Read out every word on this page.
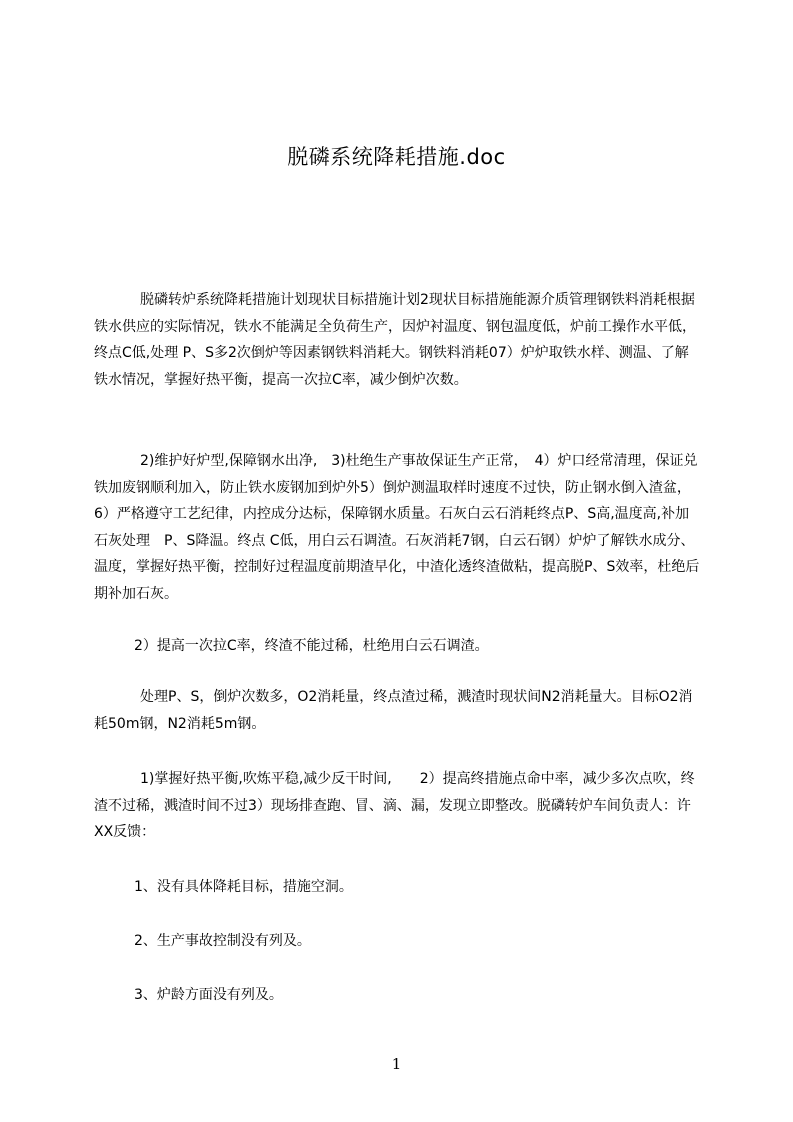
脱磷系统降耗措施.doc

脱磷转炉系统降耗措施计划现状目标措施计划2现状目标措施能源介质管理钢铁料消耗根据铁水供应的实际情况，铁水不能满足全负荷生产，因炉衬温度、钢包温度低，炉前工操作水平低，终点C低,处理 P、S多2次倒炉等因素钢铁料消耗大。钢铁料消耗07）炉炉取铁水样、测温、了解铁水情况，掌握好热平衡，提高一次拉C率，减少倒炉次数。

2)维护好炉型,保障钢水出净,　3)杜绝生产事故保证生产正常，　4）炉口经常清理，保证兑铁加废钢顺利加入，防止铁水废钢加到炉外5）倒炉测温取样时速度不过快，防止钢水倒入渣盆，6）严格遵守工艺纪律，内控成分达标，保障钢水质量。石灰白云石消耗终点P、S高,温度高,补加石灰处理　P、S降温。终点 C低，用白云石调渣。石灰消耗7钢，白云石钢）炉炉了解铁水成分、温度，掌握好热平衡，控制好过程温度前期渣早化，中渣化透终渣做粘，提高脱P、S效率，杜绝后期补加石灰。

2）提高一次拉C率，终渣不能过稀，杜绝用白云石调渣。

处理P、S，倒炉次数多，O2消耗量，终点渣过稀，溅渣时现状间N2消耗量大。目标O2消耗50m钢，N2消耗5m钢。

1)掌握好热平衡,吹炼平稳,减少反干时间,　　2）提高终措施点命中率，减少多次点吹，终渣不过稀，溅渣时间不过3）现场排查跑、冒、滴、漏，发现立即整改。脱磷转炉车间负责人：许XX反馈：

1、没有具体降耗目标，措施空洞。

2、生产事故控制没有列及。

3、炉龄方面没有列及。

1
